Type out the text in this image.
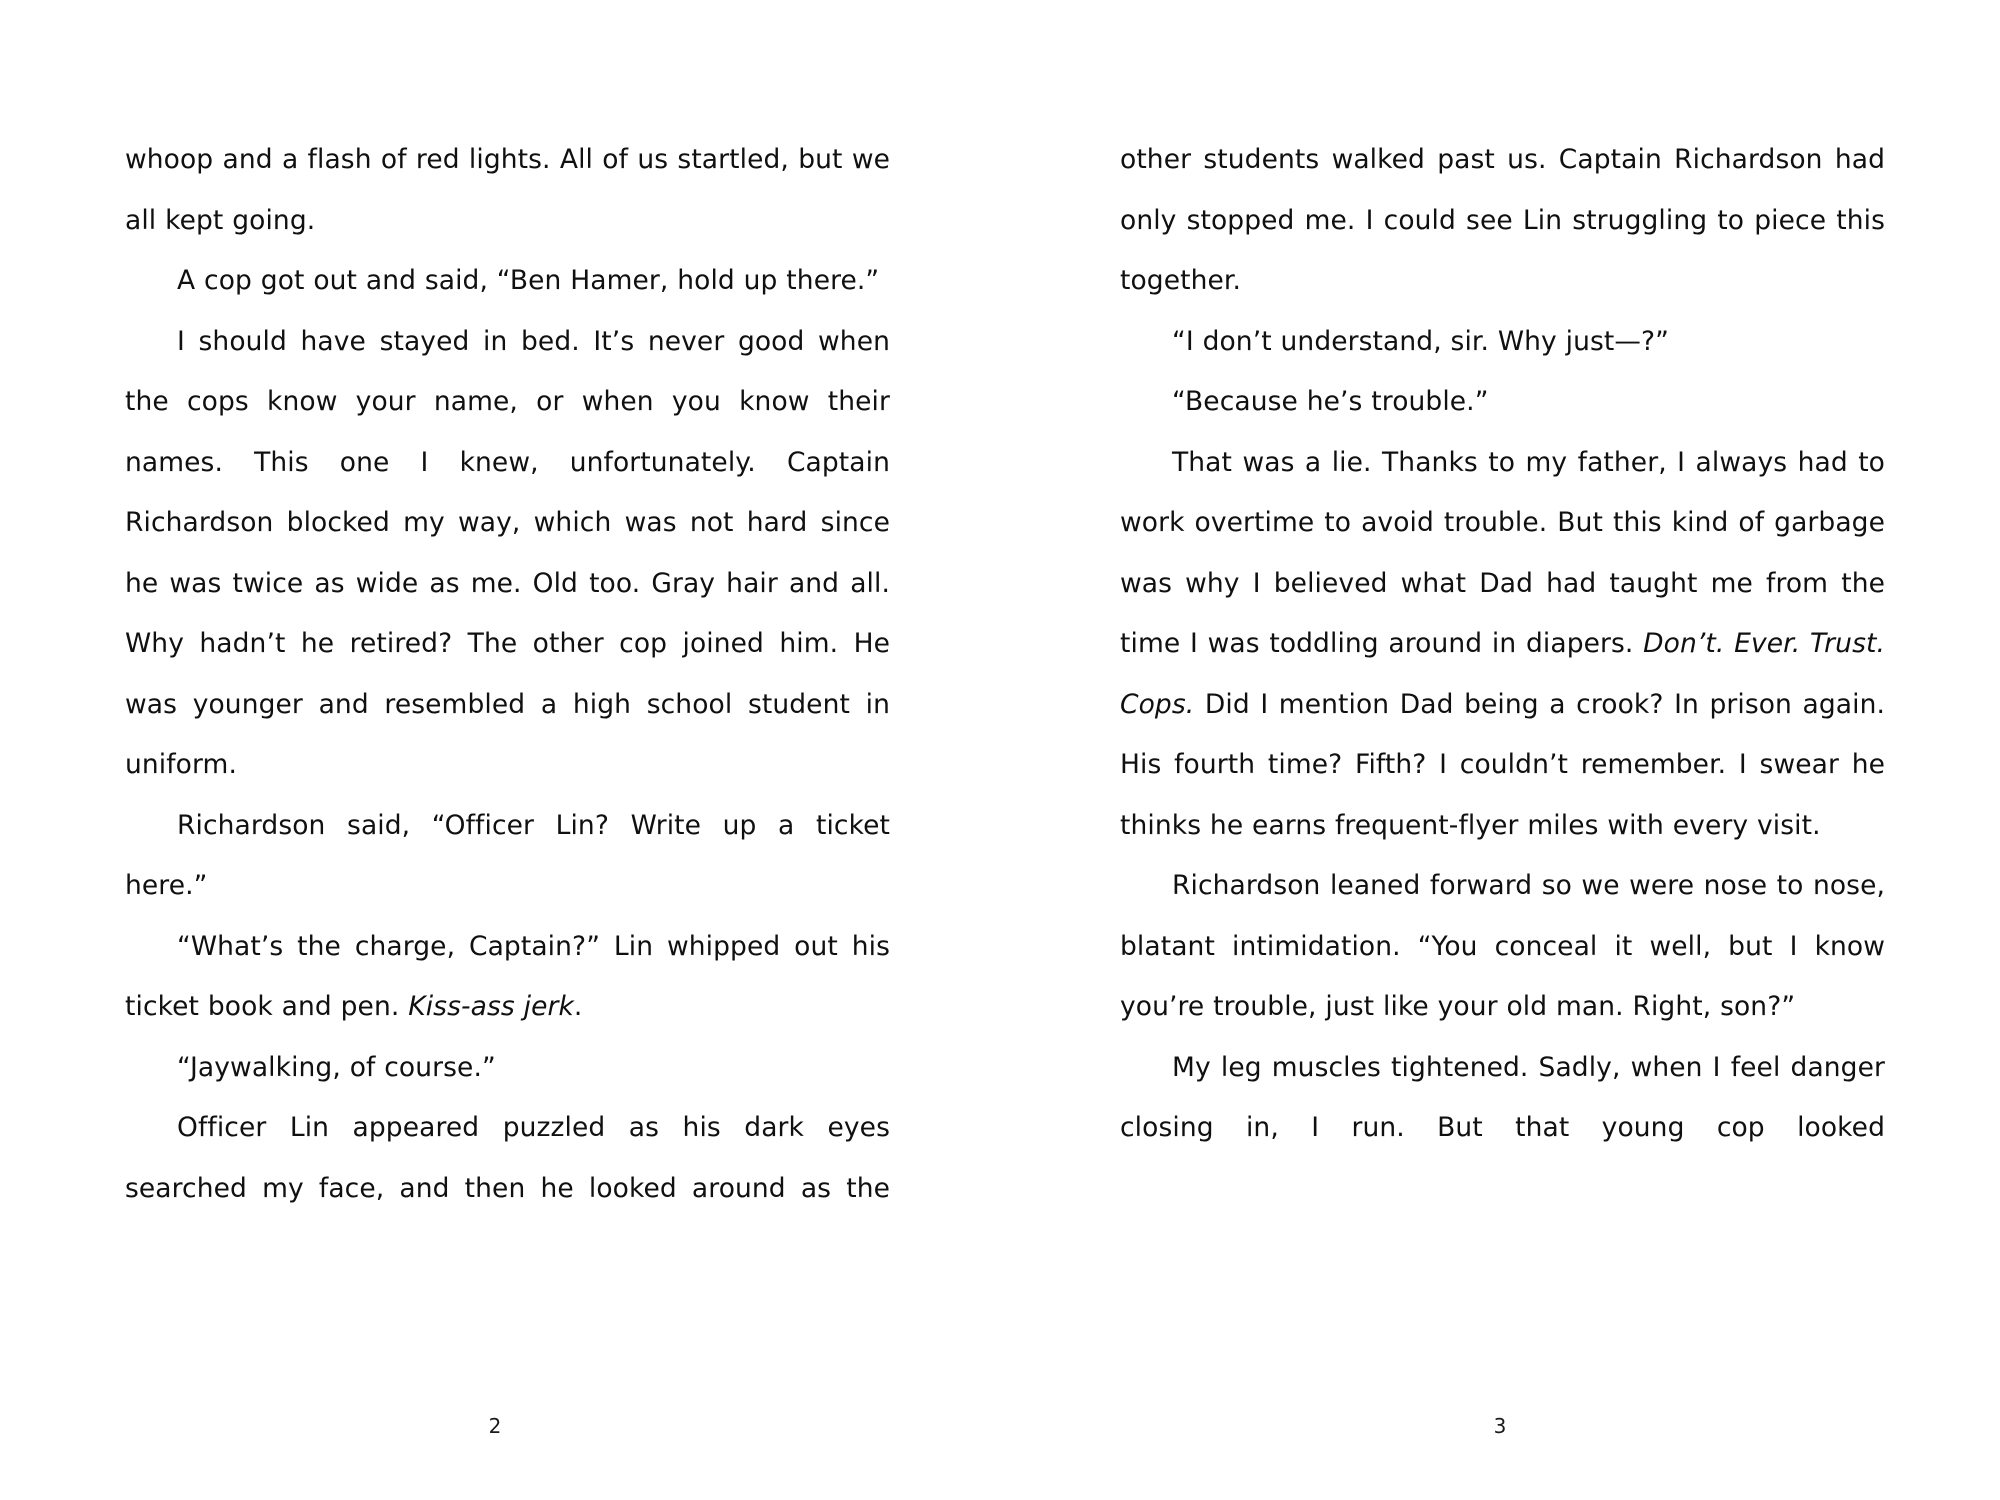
whoop and a flash of red lights. All of us startled, but we all kept going.

A cop got out and said, “Ben Hamer, hold up there.”

I should have stayed in bed. It’s never good when the cops know your name, or when you know their names. This one I knew, unfortunately. Captain Richardson blocked my way, which was not hard since he was twice as wide as me. Old too. Gray hair and all. Why hadn’t he retired? The other cop joined him. He was younger and resembled a high school student in uniform.

Richardson said, “Officer Lin? Write up a ticket here.”

“What’s the charge, Captain?” Lin whipped out his ticket book and pen. Kiss-ass jerk.

“Jaywalking, of course.”

Officer Lin appeared puzzled as his dark eyes searched my face, and then he looked around as the

2

other students walked past us. Captain Richardson had only stopped me. I could see Lin struggling to piece this together.

“I don’t understand, sir. Why just—?”

“Because he’s trouble.”

That was a lie. Thanks to my father, I always had to work overtime to avoid trouble. But this kind of garbage was why I believed what Dad had taught me from the time I was toddling around in diapers. Don’t. Ever. Trust. Cops. Did I mention Dad being a crook? In prison again. His fourth time? Fifth? I couldn’t remember. I swear he thinks he earns frequent-flyer miles with every visit.

Richardson leaned forward so we were nose to nose, blatant intimidation. “You conceal it well, but I know you’re trouble, just like your old man. Right, son?”

My leg muscles tightened. Sadly, when I feel danger closing in, I run. But that young cop looked

3
